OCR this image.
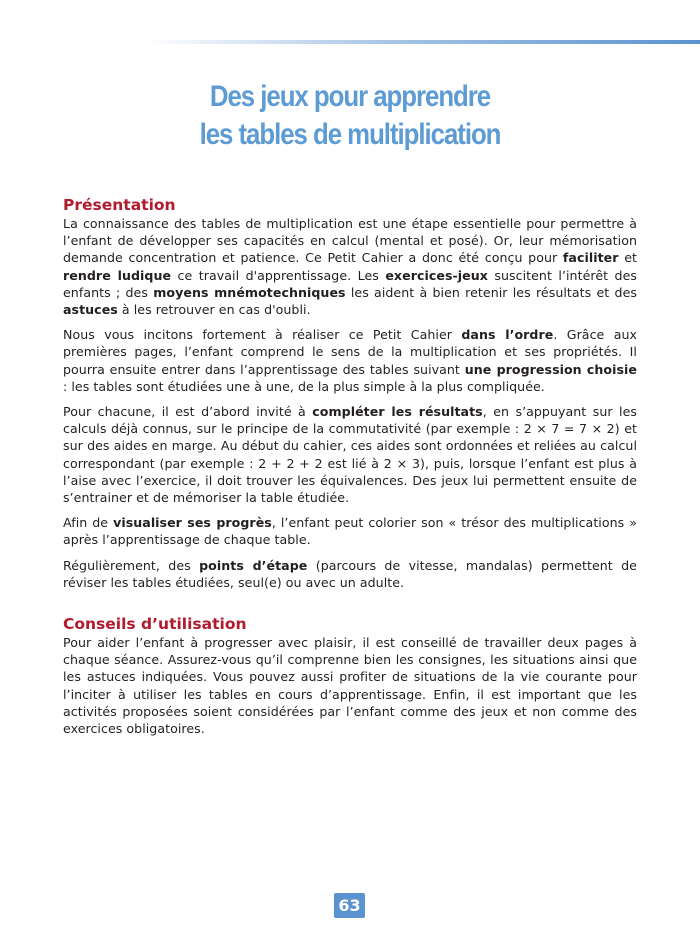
Des jeux pour apprendre
les tables de multiplication
Présentation

La connaissance des tables de multiplication est une étape essentielle pour permettre à l’enfant de développer ses capacités en calcul (mental et posé). Or, leur mémorisation demande concentration et patience. Ce Petit Cahier a donc été conçu pour faciliter et rendre ludique ce travail d'apprentissage. Les exercices-jeux suscitent l’intérêt des enfants ; des moyens mnémotechniques les aident à bien retenir les résultats et des astuces à les retrouver en cas d'oubli.

Nous vous incitons fortement à réaliser ce Petit Cahier dans l’ordre. Grâce aux premières pages, l’enfant comprend le sens de la multiplication et ses propriétés. Il pourra ensuite entrer dans l’apprentissage des tables suivant une progression choisie : les tables sont étudiées une à une, de la plus simple à la plus compliquée.

Pour chacune, il est d’abord invité à compléter les résultats, en s’appuyant sur les calculs déjà connus, sur le principe de la commutativité (par exemple : 2 × 7 = 7 × 2) et sur des aides en marge. Au début du cahier, ces aides sont ordonnées et reliées au calcul correspondant (par exemple : 2 + 2 + 2 est lié à 2 × 3), puis, lorsque l’enfant est plus à l’aise avec l’exercice, il doit trouver les équivalences. Des jeux lui permettent ensuite de s’entrainer et de mémoriser la table étudiée.

Afin de visualiser ses progrès, l’enfant peut colorier son « trésor des multiplications » après l’apprentissage de chaque table.

Régulièrement, des points d’étape (parcours de vitesse, mandalas) permettent de réviser les tables étudiées, seul(e) ou avec un adulte.

Conseils d’utilisation

Pour aider l’enfant à progresser avec plaisir, il est conseillé de travailler deux pages à chaque séance. Assurez-vous qu’il comprenne bien les consignes, les situations ainsi que les astuces indiquées. Vous pouvez aussi profiter de situations de la vie courante pour l’inciter à utiliser les tables en cours d’apprentissage. Enfin, il est important que les activités proposées soient considérées par l’enfant comme des jeux et non comme des exercices obligatoires.

63
